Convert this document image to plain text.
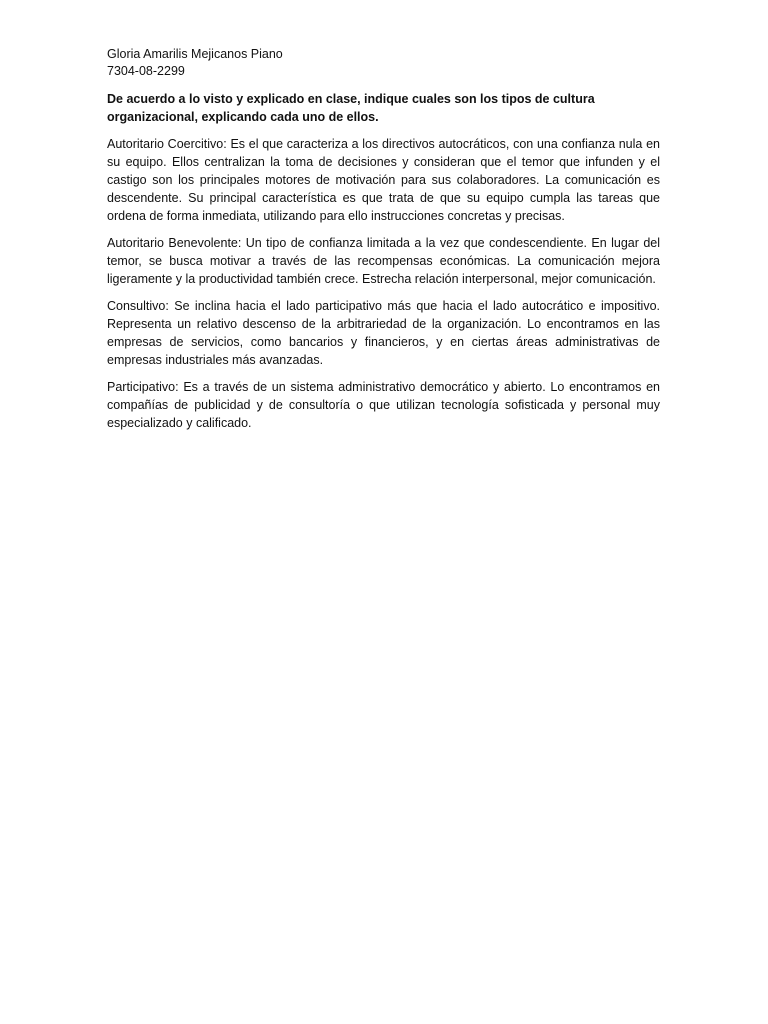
Gloria Amarilis Mejicanos Piano
7304-08-2299

De acuerdo a lo visto y explicado en clase, indique cuales son los tipos de cultura organizacional, explicando cada uno de ellos.

Autoritario Coercitivo: Es el que caracteriza a los directivos autocráticos, con una confianza nula en su equipo. Ellos centralizan la toma de decisiones y consideran que el temor que infunden y el castigo son los principales motores de motivación para sus colaboradores. La comunicación es descendente. Su principal característica es que trata de que su equipo cumpla las tareas que ordena de forma inmediata, utilizando para ello instrucciones concretas y precisas.

Autoritario Benevolente: Un tipo de confianza limitada a la vez que condescendiente. En lugar del temor, se busca motivar a través de las recompensas económicas. La comunicación mejora ligeramente y la productividad también crece. Estrecha relación interpersonal, mejor comunicación.

Consultivo: Se inclina hacia el lado participativo más que hacia el lado autocrático e impositivo. Representa un relativo descenso de la arbitrariedad de la organización. Lo encontramos en las empresas de servicios, como bancarios y financieros, y en ciertas áreas administrativas de empresas industriales más avanzadas.

Participativo: Es a través de un sistema administrativo democrático y abierto. Lo encontramos en compañías de publicidad y de consultoría o que utilizan tecnología sofisticada y personal muy especializado y calificado.
